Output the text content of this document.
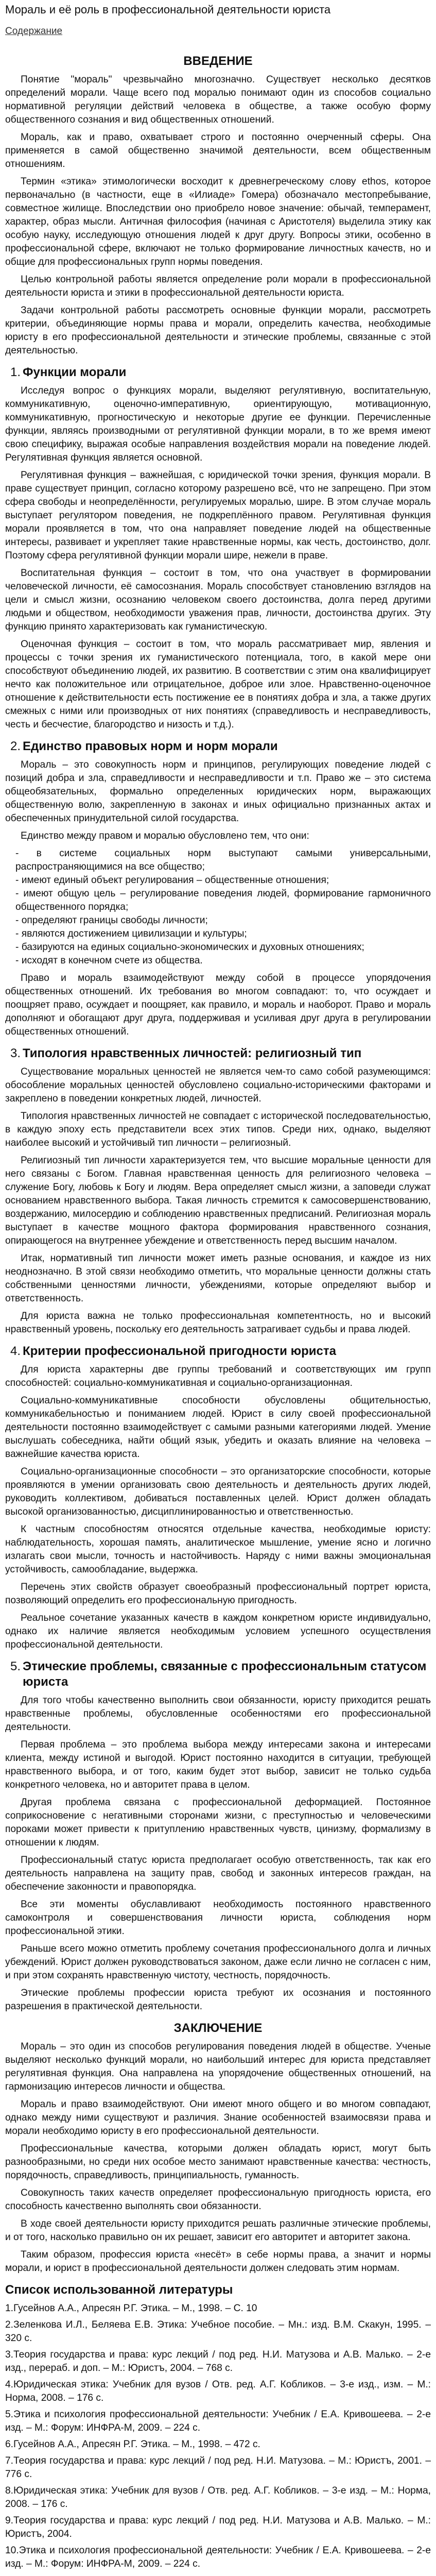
Мораль и её роль в профессиональной деятельности юриста
Содержание
ВВЕДЕНИЕ

Понятие "мораль" чрезвычайно многозначно. Существует несколько десятков определений морали. Чаще всего под моралью понимают один из способов социально нормативной регуляции действий человека в обществе, а также особую форму общественного сознания и вид общественных отношений.

Мораль, как и право, охватывает строго и постоянно очерченный сферы. Она применяется в самой общественно значимой деятельности, всем общественным отношениям.

Термин «этика» этимологически восходит к древнегреческому слову ethos, которое первоначально (в частности, еще в «Илиаде» Гомера) обозначало местопребывание, совместное жилище. Впоследствии оно приобрело новое значение: обычай, темперамент, характер, образ мысли. Античная философия (начиная с Аристотеля) выделила этику как особую науку, исследующую отношения людей к друг другу. Вопросы этики, особенно в профессиональной сфере, включают не только формирование личностных качеств, но и общие для профессиональных групп нормы поведения.

Целью контрольной работы является определение роли морали в профессиональной деятельности юриста и этики в профессиональной деятельности юриста.

Задачи контрольной работы рассмотреть основные функции морали, рассмотреть критерии, объединяющие нормы права и морали, определить качества, необходимые юристу в его профессиональной деятельности и этические проблемы, связанные с этой деятельностью.

1. Функции морали

Исследуя вопрос о функциях морали, выделяют регулятивную, воспитательную, коммуникативную, оценочно-императивную, ориентирующую, мотивационную, коммуникативную, прогностическую и некоторые другие ее функции. Перечисленные функции, являясь производными от регулятивной функции морали, в то же время имеют свою специфику, выражая особые направления воздействия морали на поведение людей. Регулятивная функция является основной.

Регулятивная функция – важнейшая, с юридической точки зрения, функция морали. В праве существует принцип, согласно которому разрешено всё, что не запрещено. При этом сфера свободы и неопределённости, регулируемых моралью, шире. В этом случае мораль выступает регулятором поведения, не подкреплённого правом. Регулятивная функция морали проявляется в том, что она направляет поведение людей на общественные интересы, развивает и укрепляет такие нравственные нормы, как честь, достоинство, долг. Поэтому сфера регулятивной функции морали шире, нежели в праве.

Воспитательная функция – состоит в том, что она участвует в формировании человеческой личности, её самосознания. Мораль способствует становлению взглядов на цели и смысл жизни, осознанию человеком своего достоинства, долга перед другими людьми и обществом, необходимости уважения прав, личности, достоинства других. Эту функцию принято характеризовать как гуманистическую.

Оценочная функция – состоит в том, что мораль рассматривает мир, явления и процессы с точки зрения их гуманистического потенциала, того, в какой мере они способствуют объединению людей, их развитию. В соответствии с этим она квалифицирует нечто как положительное или отрицательное, доброе или злое. Нравственно-оценочное отношение к действительности есть постижение ее в понятиях добра и зла, а также других смежных с ними или производных от них понятиях (справедливость и несправедливость, честь и бесчестие, благородство и низость и т.д.).

2. Единство правовых норм и норм морали

Мораль – это совокупность норм и принципов, регулирующих поведение людей с позиций добра и зла, справедливости и несправедливости и т.п. Право же – это система общеобязательных, формально определенных юридических норм, выражающих общественную волю, закрепленную в законах и иных официально признанных актах и обеспеченных принудительной силой государства.

Единство между правом и моралью обусловлено тем, что они:

- в системе социальных норм выступают самыми универсальными, распространяющимися на все общество;
- имеют единый объект регулирования – общественные отношения;
- имеют общую цель – регулирование поведения людей, формирование гармоничного общественного порядка;
- определяют границы свободы личности;
- являются достижением цивилизации и культуры;
- базируются на единых социально-экономических и духовных отношениях;
- исходят в конечном счете из общества.

Право и мораль взаимодействуют между собой в процессе упорядочения общественных отношений. Их требования во многом совпадают: то, что осуждает и поощряет право, осуждает и поощряет, как правило, и мораль и наоборот. Право и мораль дополняют и обогащают друг друга, поддерживая и усиливая друг друга в регулировании общественных отношений.

3. Типология нравственных личностей: религиозный тип

Существование моральных ценностей не является чем-то само собой разумеющимся: обособление моральных ценностей обусловлено социально-историческими факторами и закреплено в поведении конкретных людей, личностей.

Типология нравственных личностей не совпадает с исторической последовательностью, в каждую эпоху есть представители всех этих типов. Среди них, однако, выделяют наиболее высокий и устойчивый тип личности – религиозный.

Религиозный тип личности характеризуется тем, что высшие моральные ценности для него связаны с Богом. Главная нравственная ценность для религиозного человека – служение Богу, любовь к Богу и людям. Вера определяет смысл жизни, а заповеди служат основанием нравственного выбора. Такая личность стремится к самосовершенствованию, воздержанию, милосердию и соблюдению нравственных предписаний. Религиозная мораль выступает в качестве мощного фактора формирования нравственного сознания, опирающегося на внутреннее убеждение и ответственность перед высшим началом.

Итак, нормативный тип личности может иметь разные основания, и каждое из них неоднозначно. В этой связи необходимо отметить, что моральные ценности должны стать собственными ценностями личности, убеждениями, которые определяют выбор и ответственность.

Для юриста важна не только профессиональная компетентность, но и высокий нравственный уровень, поскольку его деятельность затрагивает судьбы и права людей.

4. Критерии профессиональной пригодности юриста

Для юриста характерны две группы требований и соответствующих им групп способностей: социально-коммуникативная и социально-организационная.

Социально-коммуникативные способности обусловлены общительностью, коммуникабельностью и пониманием людей. Юрист в силу своей профессиональной деятельности постоянно взаимодействует с самыми разными категориями людей. Умение выслушать собеседника, найти общий язык, убедить и оказать влияние на человека – важнейшие качества юриста.

Социально-организационные способности – это организаторские способности, которые проявляются в умении организовать свою деятельность и деятельность других людей, руководить коллективом, добиваться поставленных целей. Юрист должен обладать высокой организованностью, дисциплинированностью и ответственностью.

К частным способностям относятся отдельные качества, необходимые юристу: наблюдательность, хорошая память, аналитическое мышление, умение ясно и логично излагать свои мысли, точность и настойчивость. Наряду с ними важны эмоциональная устойчивость, самообладание, выдержка.

Перечень этих свойств образует своеобразный профессиональный портрет юриста, позволяющий определить его профессиональную пригодность.

Реальное сочетание указанных качеств в каждом конкретном юристе индивидуально, однако их наличие является необходимым условием успешного осуществления профессиональной деятельности.

5. Этические проблемы, связанные с профессиональным статусом юриста

Для того чтобы качественно выполнить свои обязанности, юристу приходится решать нравственные проблемы, обусловленные особенностями его профессиональной деятельности.

Первая проблема – это проблема выбора между интересами закона и интересами клиента, между истиной и выгодой. Юрист постоянно находится в ситуации, требующей нравственного выбора, и от того, каким будет этот выбор, зависит не только судьба конкретного человека, но и авторитет права в целом.

Другая проблема связана с профессиональной деформацией. Постоянное соприкосновение с негативными сторонами жизни, с преступностью и человеческими пороками может привести к притуплению нравственных чувств, цинизму, формализму в отношении к людям.

Профессиональный статус юриста предполагает особую ответственность, так как его деятельность направлена на защиту прав, свобод и законных интересов граждан, на обеспечение законности и правопорядка.

Все эти моменты обуславливают необходимость постоянного нравственного самоконтроля и совершенствования личности юриста, соблюдения норм профессиональной этики.

Раньше всего можно отметить проблему сочетания профессионального долга и личных убеждений. Юрист должен руководствоваться законом, даже если лично не согласен с ним, и при этом сохранять нравственную чистоту, честность, порядочность.

Этические проблемы профессии юриста требуют их осознания и постоянного разрешения в практической деятельности.

ЗАКЛЮЧЕНИЕ

Мораль – это один из способов регулирования поведения людей в обществе. Ученые выделяют несколько функций морали, но наибольший интерес для юриста представляет регулятивная функция. Она направлена на упорядочение общественных отношений, на гармонизацию интересов личности и общества.

Мораль и право взаимодействуют. Они имеют много общего и во многом совпадают, однако между ними существуют и различия. Знание особенностей взаимосвязи права и морали необходимо юристу в его профессиональной деятельности.

Профессиональные качества, которыми должен обладать юрист, могут быть разнообразными, но среди них особое место занимают нравственные качества: честность, порядочность, справедливость, принципиальность, гуманность.

Совокупность таких качеств определяет профессиональную пригодность юриста, его способность качественно выполнять свои обязанности.

В ходе своей деятельности юристу приходится решать различные этические проблемы, и от того, насколько правильно он их решает, зависит его авторитет и авторитет закона.

Таким образом, профессия юриста «несёт» в себе нормы права, а значит и нормы морали, и юрист в профессиональной деятельности должен следовать этим нормам.

Список использованной литературы
1.Гусейнов А.А., Апресян Р.Г. Этика. – М., 1998. – С. 10
2.Зеленкова И.Л., Беляева Е.В. Этика: Учебное пособие. – Мн.: изд. В.М. Скакун, 1995. – 320 с.
3.Теория государства и права: курс лекций / под ред. Н.И. Матузова и А.В. Малько. – 2-е изд., перераб. и доп. – М.: Юристъ, 2004. – 768 с.
4.Юридическая этика: Учебник для вузов / Отв. ред. А.Г. Кобликов. – 3-е изд., изм. – М.: Норма, 2008. – 176 с.
5.Этика и психология профессиональной деятельности: Учебник / Е.А. Кривошеева. – 2-е изд. – М.: Форум: ИНФРА-М, 2009. – 224 с.
6.Гусейнов А.А., Апресян Р.Г. Этика. – М., 1998. – 472 с.
7.Теория государства и права: курс лекций / под ред. Н.И. Матузова. – М.: Юристъ, 2001. – 776 с.
8.Юридическая этика: Учебник для вузов / Отв. ред. А.Г. Кобликов. – 3-е изд. – М.: Норма, 2008. – 176 с.
9.Теория государства и права: курс лекций / под ред. Н.И. Матузова и А.В. Малько. – М.: Юристъ, 2004.
10.Этика и психология профессиональной деятельности: Учебник / Е.А. Кривошеева. – 2-е изд. – М.: Форум: ИНФРА-М, 2009. – 224 с.
